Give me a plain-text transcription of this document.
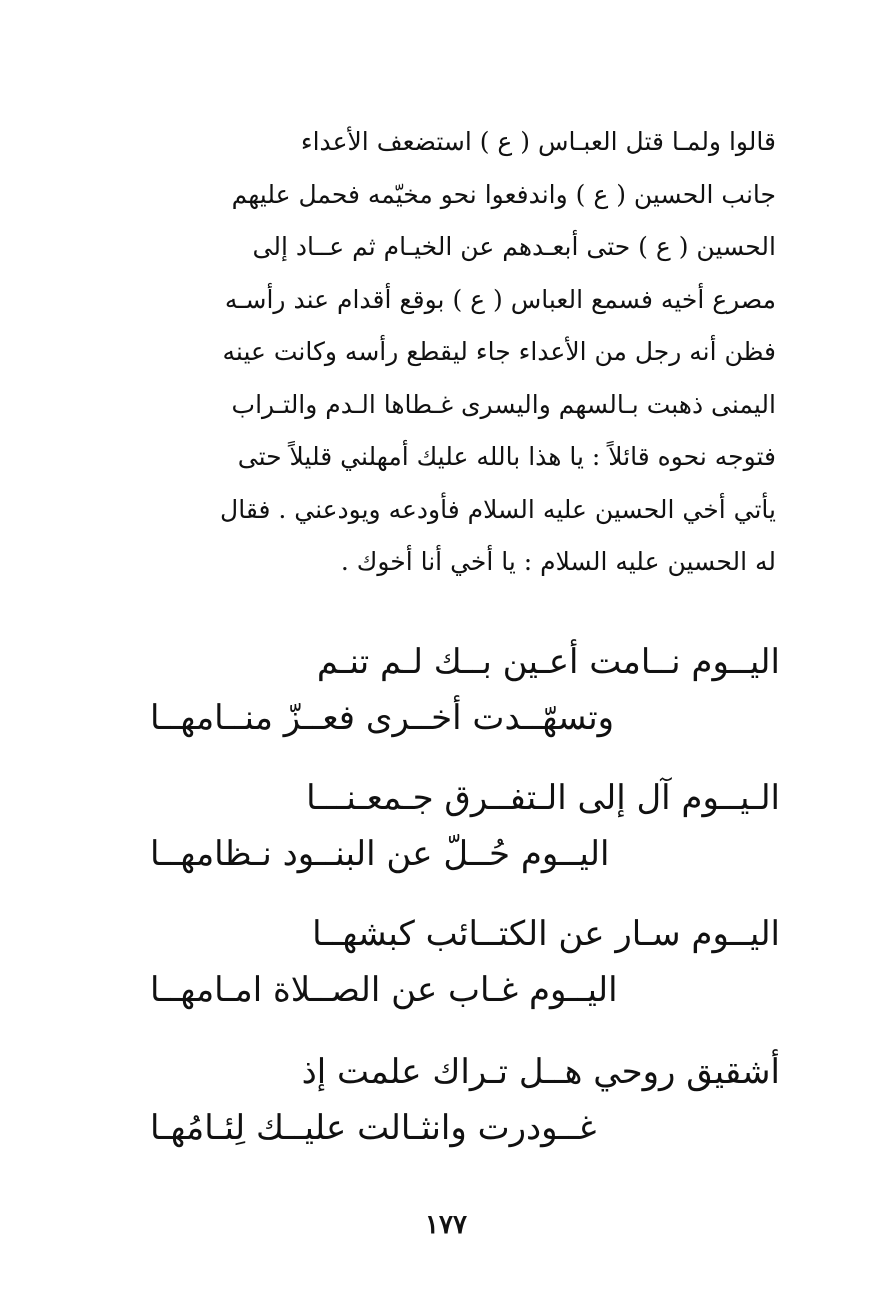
قالوا ولمـا قتل العبـاس ( ع ) استضعف الأعداء
جانب الحسين ( ع ) واندفعوا نحو مخيّمه فحمل عليهم
الحسين ( ع ) حتى أبعـدهم عن الخيـام ثم عــاد إلى
مصرع أخيه فسمع العباس ( ع ) بوقع أقدام عند رأسـه
فظن أنه رجل من الأعداء جاء ليقطع رأسه وكانت عينه
اليمنى ذهبت بـالسهم واليسرى غـطاها الـدم والتـراب
فتوجه نحوه قائلاً : يا هذا بالله عليك أمهلني قليلاً حتى
يأتي أخي الحسين عليه السلام فأودعه ويودعني . فقال
له الحسين عليه السلام : يا أخي أنا أخوك .
اليــوم نــامت أعـين بــك لـم تنـم
وتسهّــدت أخــرى فعــزّ منــامهــا
الـيــوم آل إلى الـتفــرق جـمعـنـــا
اليــوم حُــلّ عن البنــود نـظامهــا
اليــوم سـار عن الكتــائب كبشهــا
اليــوم غـاب عن الصــلاة امـامهــا
أشقيق روحي هــل تـراك علمت إذ
غــودرت وانثـالت عليــك لِئـامُهـا
١٧٧
